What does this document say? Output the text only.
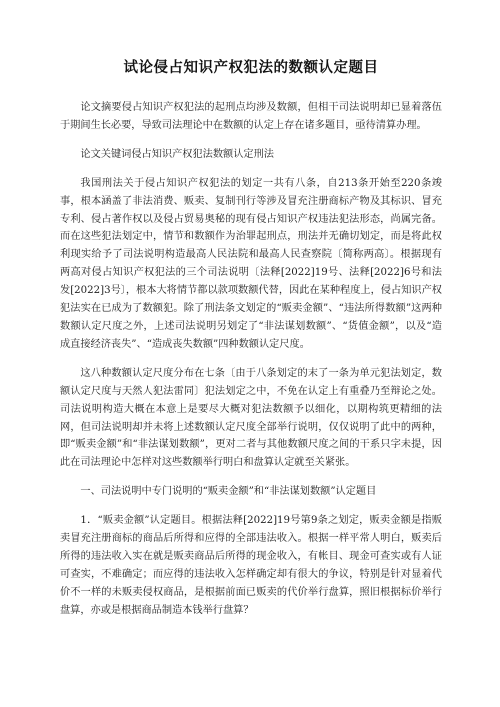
试论侵占知识产权犯法的数额认定题目

论文摘要侵占知识产权犯法的起刑点均涉及数额，但相干司法说明却已显着落伍于期间生长必要，导致司法理论中在数额的认定上存在诸多题目，亟待清算办理。

论文关键词侵占知识产权犯法数额认定刑法

我国刑法关于侵占知识产权犯法的划定一共有八条，自213条开始至220条竣事，根本涵盖了非法消费、贩卖、复制刊行等涉及冒充注册商标产物及其标识、冒充专利、侵占著作权以及侵占贸易奥秘的现有侵占知识产权违法犯法形态，尚属完备。而在这些犯法划定中，情节和数额作为治罪起刑点，刑法并无确切划定，而是将此权利现实给予了司法说明构造最高人民法院和最高人民查察院〔简称两高〕。根据现有两高对侵占知识产权犯法的三个司法说明〔法释[2022]19号、法释[2022]6号和法发[2022]3号〕，根本大将情节都以款项数额代替，因此在某种程度上，侵占知识产权犯法实在已成为了数额犯。除了刑法条文划定的“贩卖金额”、“违法所得数额”这两种数额认定尺度之外，上述司法说明另划定了“非法谋划数额”、“货值金额”，以及“造成直接经济丧失”、“造成丧失数额”四种数额认定尺度。

这八种数额认定尺度分布在七条〔由于八条划定的末了一条为单元犯法划定，数额认定尺度与天然人犯法雷同〕犯法划定之中，不免在认定上有重叠乃至辩论之处。司法说明构造大概在本意上是要尽大概对犯法数额予以细化，以期构筑更精细的法网，但司法说明却并未将上述数额认定尺度全部举行说明，仅仅说明了此中的两种，即“贩卖金额”和“非法谋划数额”，更对二者与其他数额尺度之间的干系只字未提，因此在司法理论中怎样对这些数额举行明白和盘算认定就至关紧张。

一、司法说明中专门说明的“贩卖金额”和“非法谋划数额”认定题目

1．“贩卖金额”认定题目。根据法释[2022]19号第9条之划定，贩卖金额是指贩卖冒充注册商标的商品后所得和应得的全部违法收入。根据一样平常人明白，贩卖后所得的违法收入实在就是贩卖商品后所得的现金收入，有帐目、现金可查实或有人证可查实，不难确定；而应得的违法收入怎样确定却有很大的争议，特别是针对显着代价不一样的未贩卖侵权商品，是根据前面已贩卖的代价举行盘算，照旧根据标价举行盘算，亦或是根据商品制造本钱举行盘算？
